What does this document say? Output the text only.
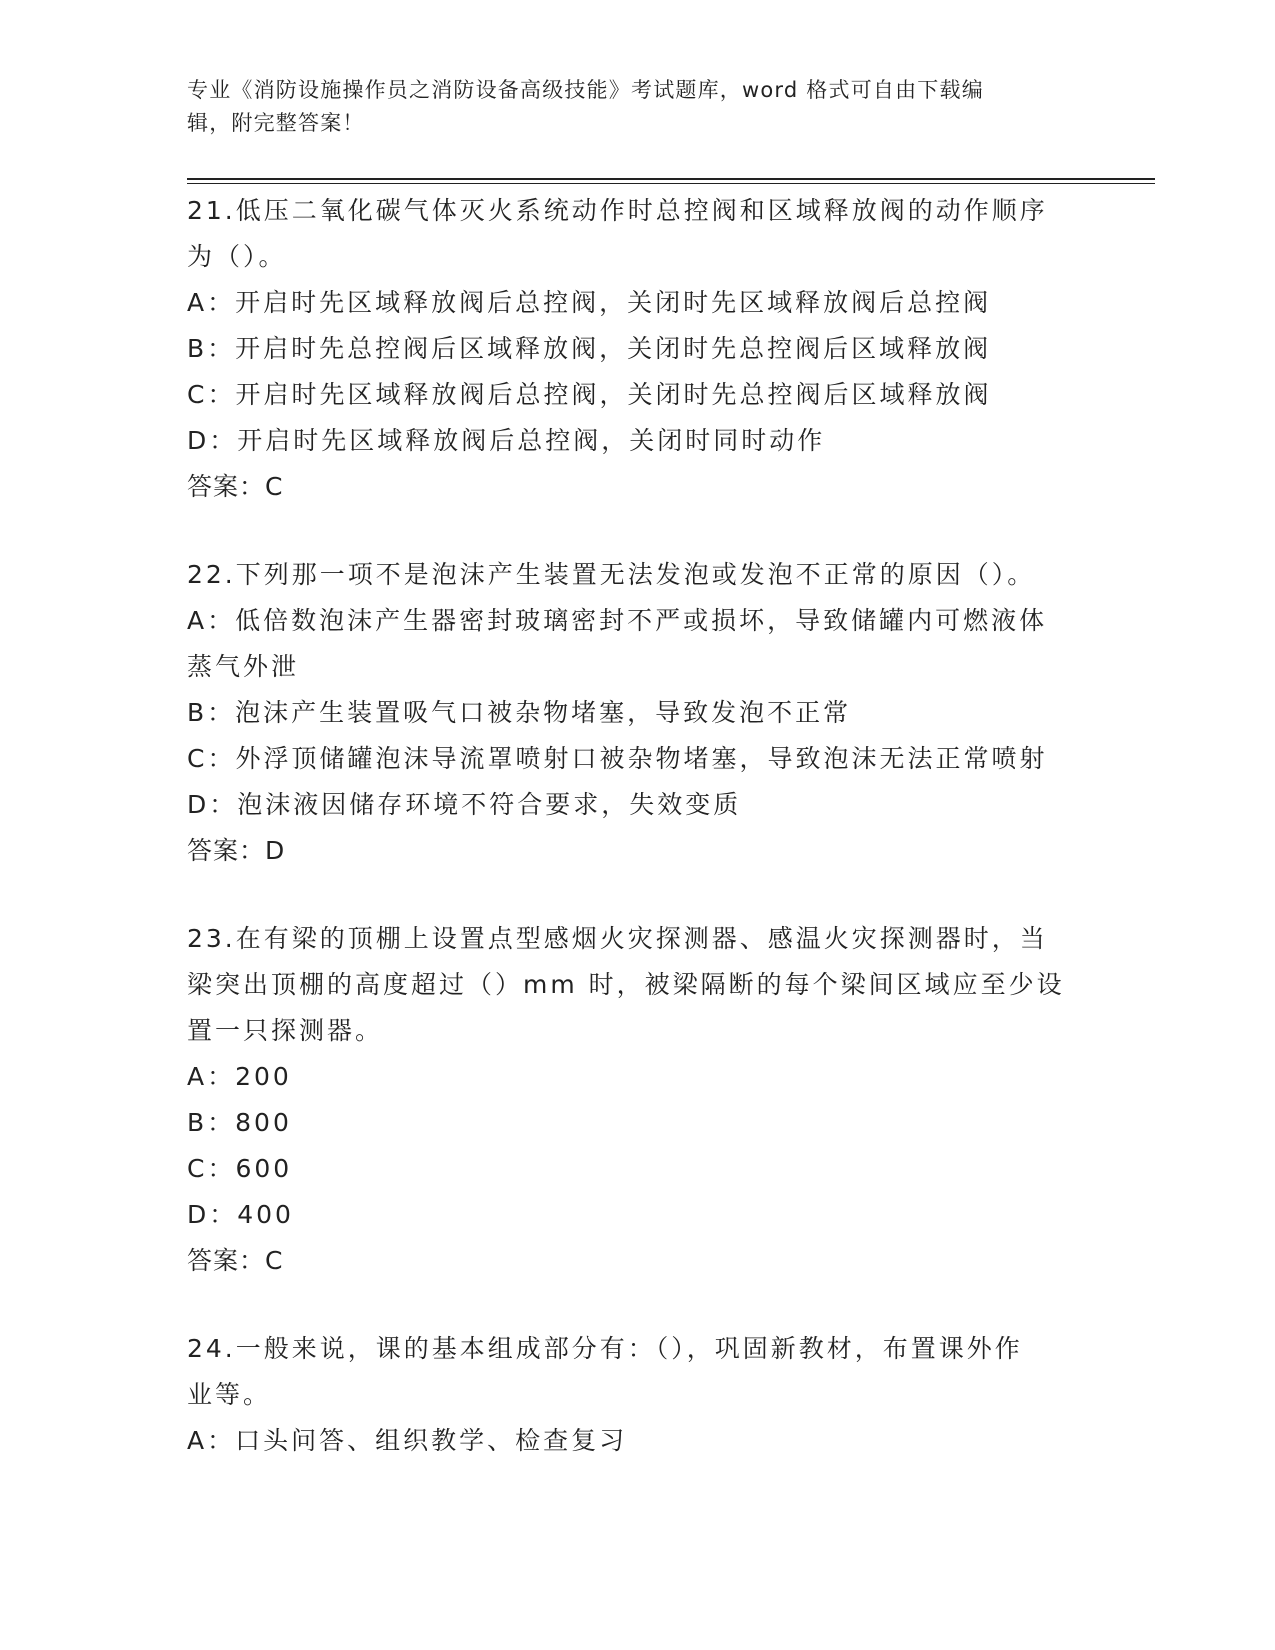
专业《消防设施操作员之消防设备高级技能》考试题库，word 格式可自由下载编
辑，附完整答案！
21.低压二氧化碳气体灭火系统动作时总控阀和区域释放阀的动作顺序
为（）。
A：开启时先区域释放阀后总控阀，关闭时先区域释放阀后总控阀
B：开启时先总控阀后区域释放阀，关闭时先总控阀后区域释放阀
C：开启时先区域释放阀后总控阀，关闭时先总控阀后区域释放阀
D：开启时先区域释放阀后总控阀，关闭时同时动作
答案：C
22.下列那一项不是泡沫产生装置无法发泡或发泡不正常的原因（）。
A：低倍数泡沫产生器密封玻璃密封不严或损坏，导致储罐内可燃液体
蒸气外泄
B：泡沫产生装置吸气口被杂物堵塞，导致发泡不正常
C：外浮顶储罐泡沫导流罩喷射口被杂物堵塞，导致泡沫无法正常喷射
D：泡沫液因储存环境不符合要求，失效变质
答案：D
23.在有梁的顶棚上设置点型感烟火灾探测器、感温火灾探测器时，当
梁突出顶棚的高度超过（）mm 时，被梁隔断的每个梁间区域应至少设
置一只探测器。
A：200
B：800
C：600
D：400
答案：C
24.一般来说，课的基本组成部分有：（），巩固新教材，布置课外作
业等。
A：口头问答、组织教学、检查复习
